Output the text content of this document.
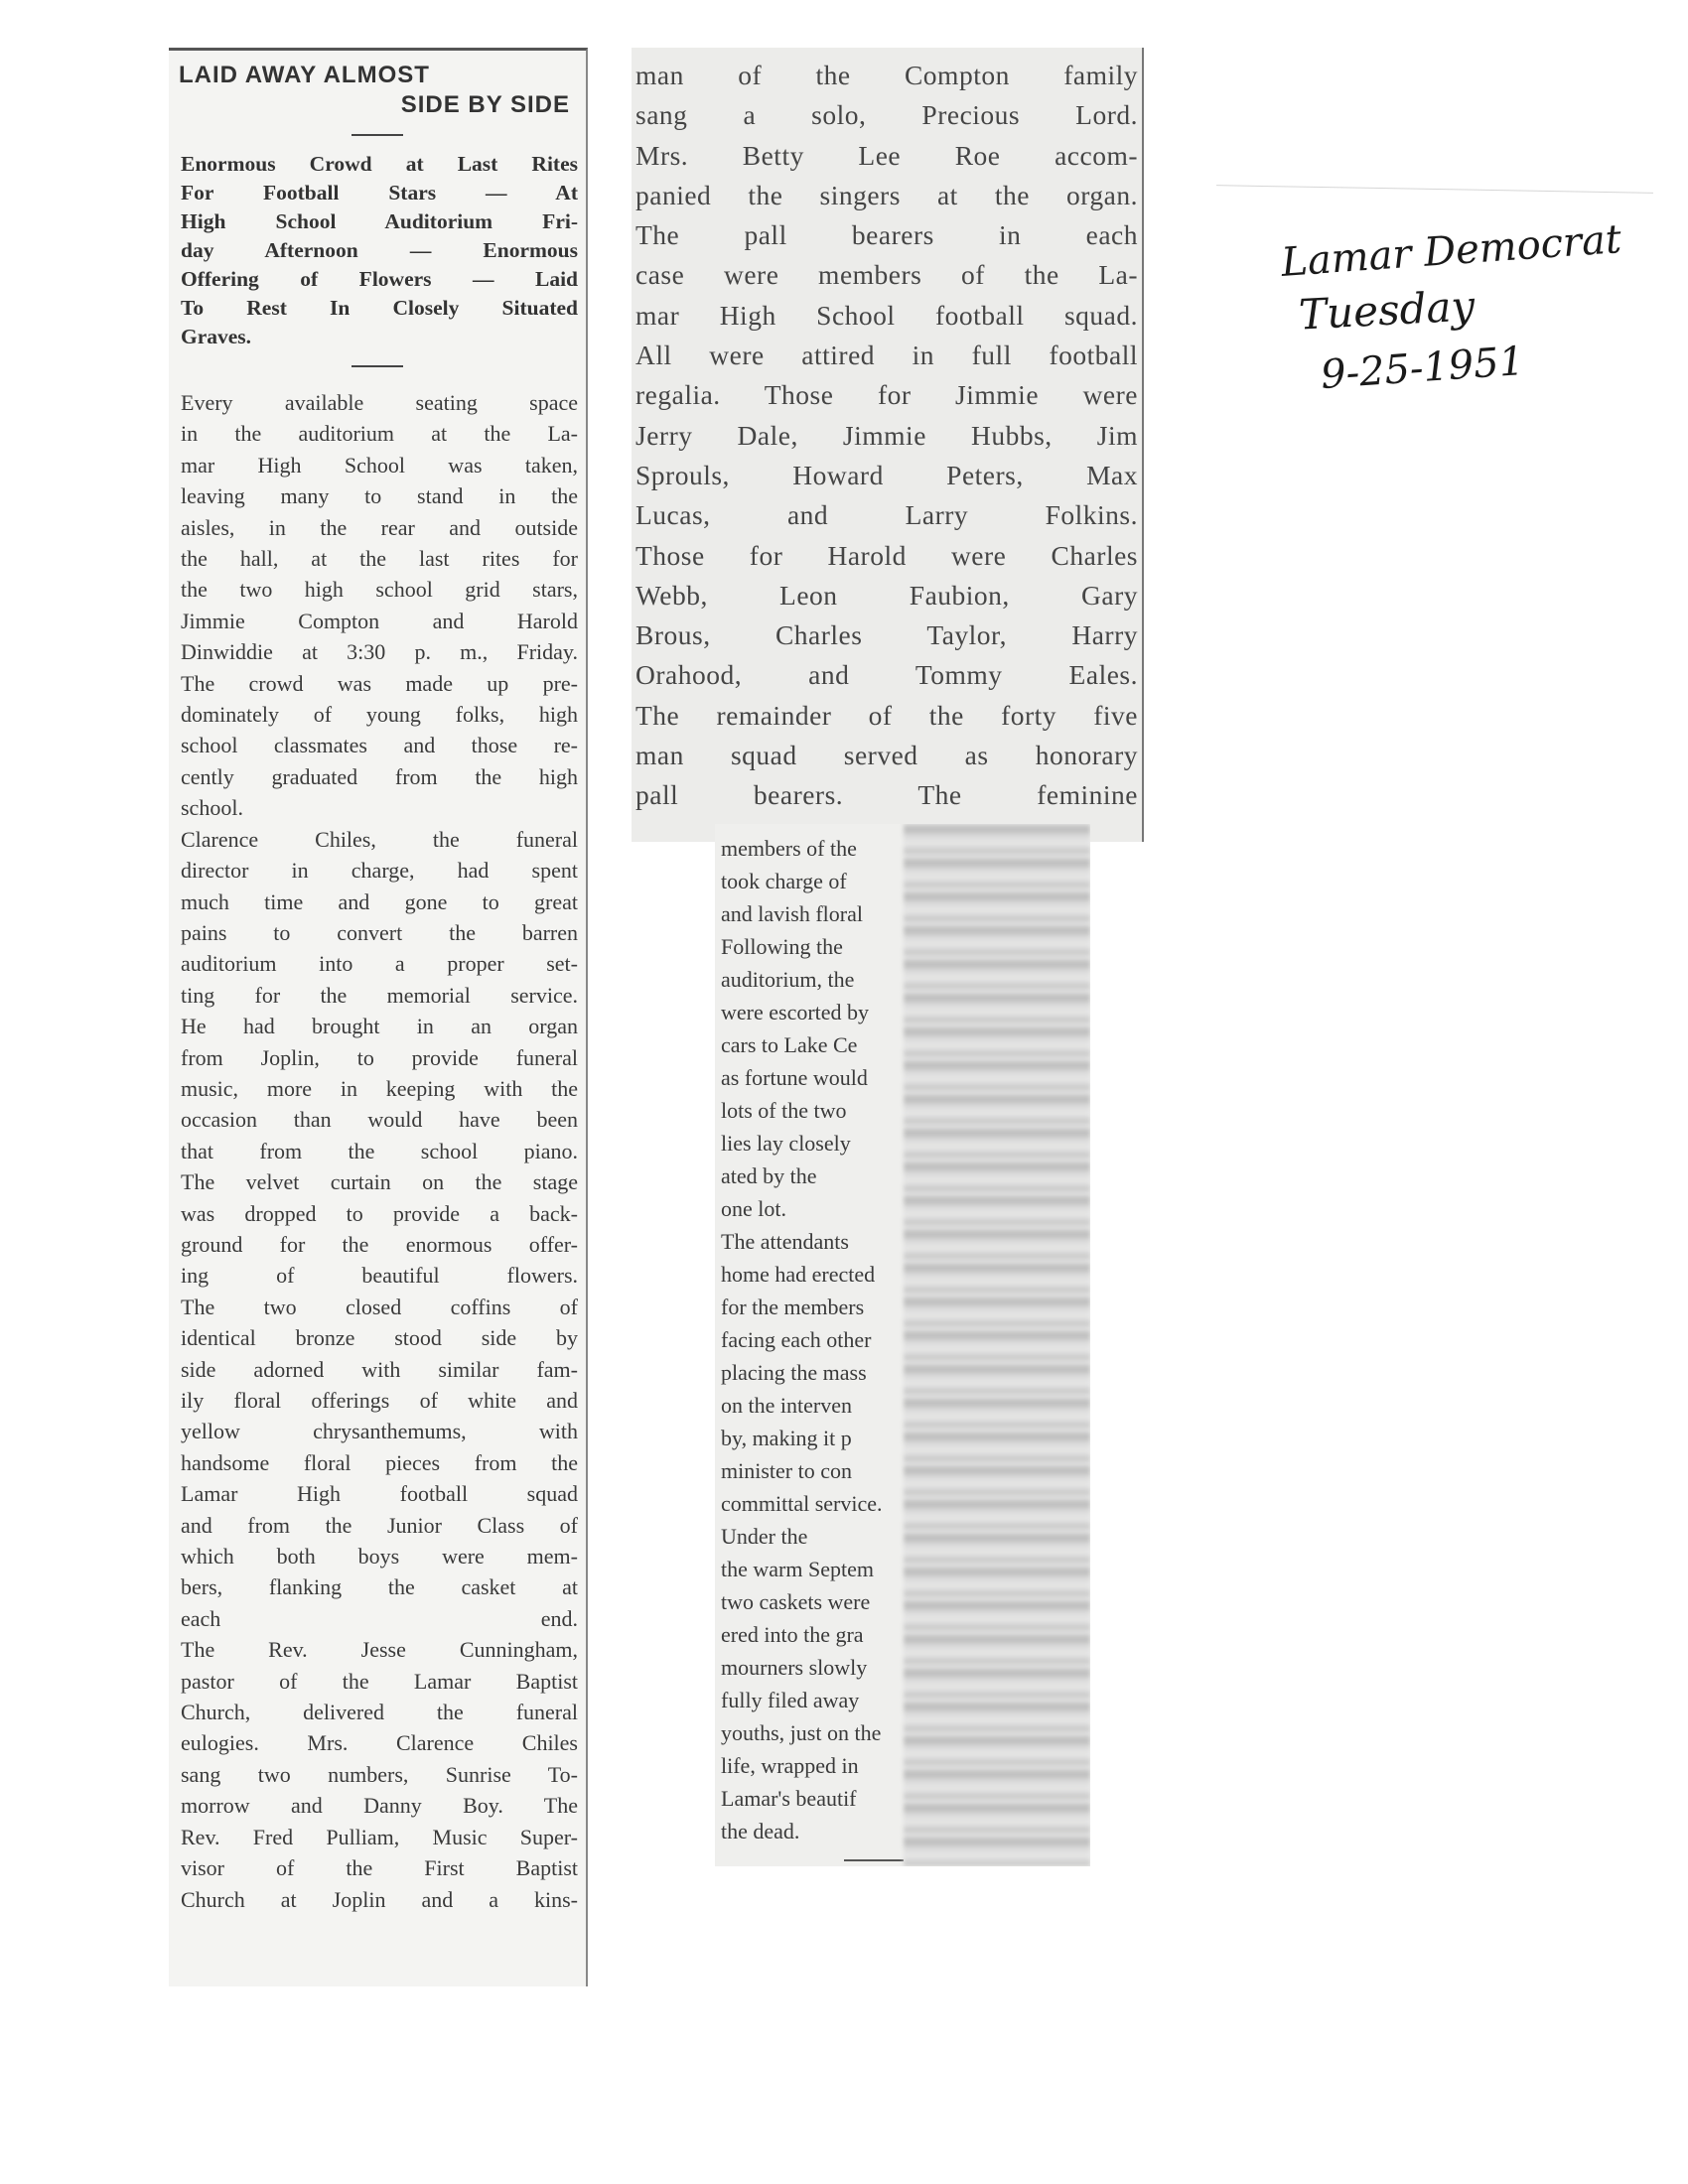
LAID AWAY ALMOST
SIDE BY SIDE
Enormous Crowd at Last Rites
For Football Stars — At
High School Auditorium Fri-
day Afternoon — Enormous
Offering of Flowers — Laid
To Rest In Closely Situated
Graves.
Every available seating space
in the auditorium at the La-
mar High School was taken,
leaving many to stand in the
aisles, in the rear and outside
the hall, at the last rites for
the two high school grid stars,
Jimmie Compton and Harold
Dinwiddie at 3:30 p. m., Friday.
The crowd was made up pre-
dominately of young folks, high
school classmates and those re-
cently graduated from the high
school.
Clarence Chiles, the funeral
director in charge, had spent
much time and gone to great
pains to convert the barren
auditorium into a proper set-
ting for the memorial service.
He had brought in an organ
from Joplin, to provide funeral
music, more in keeping with the
occasion than would have been
that from the school piano.
The velvet curtain on the stage
was dropped to provide a back-
ground for the enormous offer-
ing of beautiful flowers.
The two closed coffins of
identical bronze stood side by
side adorned with similar fam-
ily floral offerings of white and
yellow chrysanthemums, with
handsome floral pieces from the
Lamar High football squad
and from the Junior Class of
which both boys were mem-
bers, flanking the casket at
each end.
The Rev. Jesse Cunningham,
pastor of the Lamar Baptist
Church, delivered the funeral
eulogies. Mrs. Clarence Chiles
sang two numbers, Sunrise To-
morrow and Danny Boy. The
Rev. Fred Pulliam, Music Super-
visor of the First Baptist
Church at Joplin and a kins-
man of the Compton family
sang a solo, Precious Lord.
Mrs. Betty Lee Roe accom-
panied the singers at the organ.
The pall bearers in each
case were members of the La-
mar High School football squad.
All were attired in full football
regalia. Those for Jimmie were
Jerry Dale, Jimmie Hubbs, Jim
Sprouls, Howard Peters, Max
Lucas, and Larry Folkins.
Those for Harold were Charles
Webb, Leon Faubion, Gary
Brous, Charles Taylor, Harry
Orahood, and Tommy Eales.
The remainder of the forty five
man squad served as honorary
pall bearers. The feminine
members of the
took charge of
and lavish floral
Following the
auditorium, the
were escorted by
cars to Lake Ce
as fortune would
lots of the two
lies lay closely
ated by the
one lot.
The attendants
home had erected
for the members
facing each other
placing the mass
on the interven
by, making it p
minister to con
committal service.
Under the
the warm Septem
two caskets were
ered into the gra
mourners slowly
fully filed away
youths, just on the
life, wrapped in
Lamar's beautif
the dead.
Lamar Democrat
Tuesday
9-25-1951
